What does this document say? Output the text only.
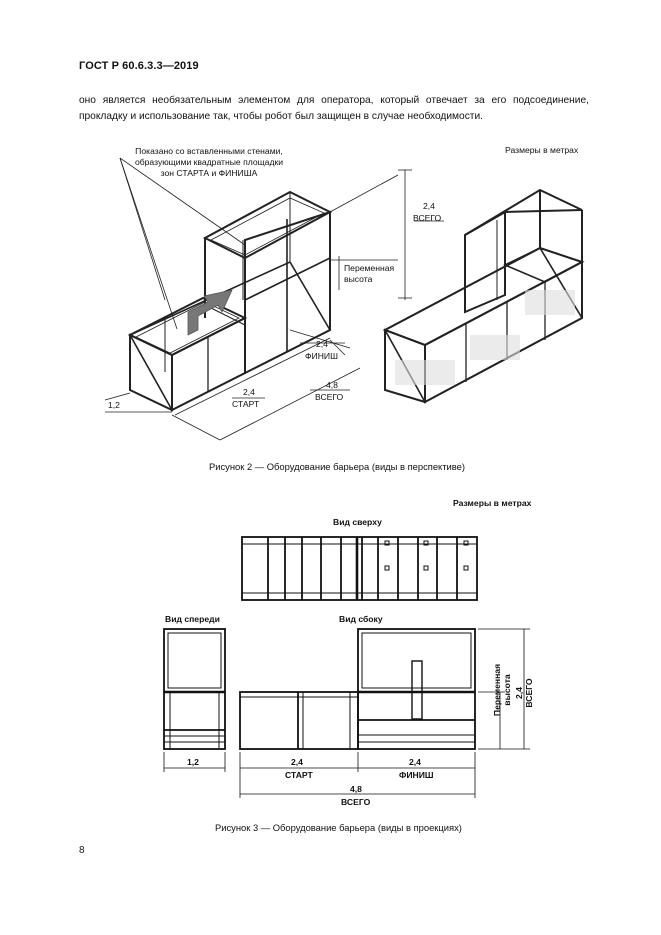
ГОСТ Р 60.6.3.3—2019
оно является необязательным элементом для оператора, который отвечает за его подсоединение, прокладку и использование так, чтобы робот был защищен в случае необходимости.
Показано со вставленными стенами,
образующими квадратные площадки
зон СТАРТА и ФИНИША
Размеры в метрах
2,4
ВСЕГО
Переменная
высота
2,4
ФИНИШ
1,2
2,4
СТАРТ
4,8
ВСЕГО
Рисунок 2 — Оборудование барьера (виды в перспективе)
Размеры в метрах
Вид сверху
Вид спереди	Вид сбоку
1,2	2,4
СТАРТ
2,4
ФИНИШ
4,8
ВСЕГО
Переменная высота 2,4 ВСЕГО
Рисунок 3 — Оборудование барьера (виды в проекциях)
8
